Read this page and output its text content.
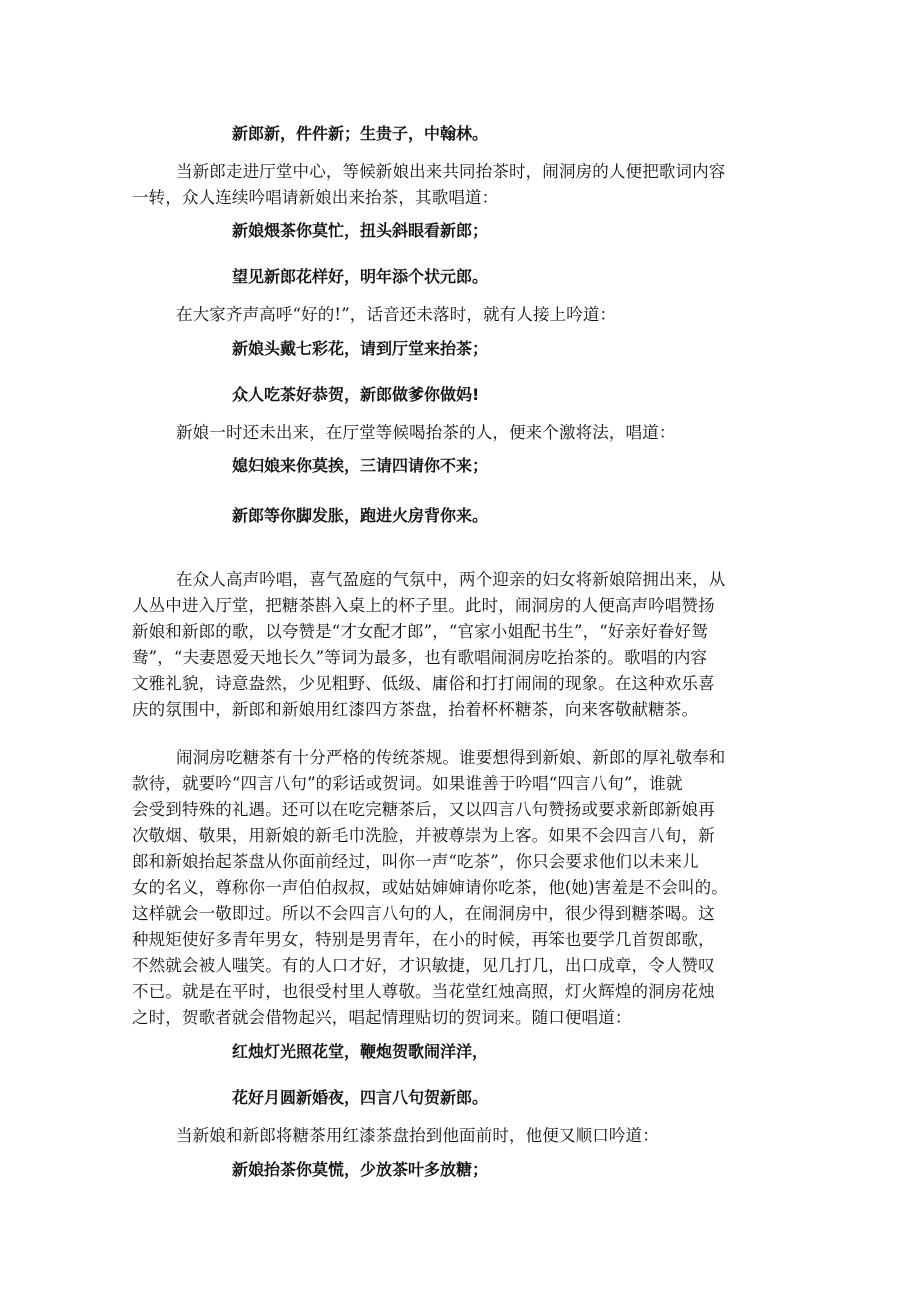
新郎新，件件新；生贵子，中翰林。
当新郎走进厅堂中心，等候新娘出来共同抬茶时，闹洞房的人便把歌词内容
一转，众人连续吟唱请新娘出来抬茶，其歌唱道：
新娘煨茶你莫忙，扭头斜眼看新郎；
望见新郎花样好，明年添个状元郎。
在大家齐声高呼“好的!”，话音还未落时，就有人接上吟道：
新娘头戴七彩花，请到厅堂来抬茶；
众人吃茶好恭贺，新郎做爹你做妈!
新娘一时还未出来，在厅堂等候喝抬茶的人，便来个激将法，唱道：
媳妇娘来你莫挨，三请四请你不来；
新郎等你脚发胀，跑进火房背你来。
在众人高声吟唱，喜气盈庭的气氛中，两个迎亲的妇女将新娘陪拥出来，从
人丛中进入厅堂，把糖茶斟入桌上的杯子里。此时，闹洞房的人便高声吟唱赞扬
新娘和新郎的歌，以夸赞是“才女配才郎”，“官家小姐配书生”，“好亲好眷好鸳
鸯”，“夫妻恩爱天地长久”等词为最多，也有歌唱闹洞房吃抬茶的。歌唱的内容
文雅礼貌，诗意盎然，少见粗野、低级、庸俗和打打闹闹的现象。在这种欢乐喜
庆的氛围中，新郎和新娘用红漆四方茶盘，抬着杯杯糖茶，向来客敬献糖茶。
闹洞房吃糖茶有十分严格的传统茶规。谁要想得到新娘、新郎的厚礼敬奉和
款待，就要吟“四言八句”的彩话或贺词。如果谁善于吟唱“四言八旬”，谁就
会受到特殊的礼遇。还可以在吃完糖茶后，又以四言八句赞扬或要求新郎新娘再
次敬烟、敬果，用新娘的新毛巾洗脸，并被尊崇为上客。如果不会四言八旬，新
郎和新娘抬起茶盘从你面前经过，叫你一声“吃茶”，你只会要求他们以未来儿
女的名义，尊称你一声伯伯叔叔，或姑姑婶婶请你吃茶，他(她)害羞是不会叫的。
这样就会一敬即过。所以不会四言八句的人，在闹洞房中，很少得到糖茶喝。这
种规矩使好多青年男女，特别是男青年，在小的时候，再笨也要学几首贺郎歌，
不然就会被人嗤笑。有的人口才好，才识敏捷，见几打几，出口成章，令人赞叹
不已。就是在平时，也很受村里人尊敬。当花堂红烛高照，灯火辉煌的洞房花烛
之时，贺歌者就会借物起兴，唱起情理贴切的贺词来。随口便唱道：
红烛灯光照花堂，鞭炮贺歌闹洋洋，
花好月圆新婚夜，四言八句贺新郎。
当新娘和新郎将糖茶用红漆茶盘抬到他面前时，他便又顺口吟道：
新娘抬茶你莫慌，少放茶叶多放糖；
